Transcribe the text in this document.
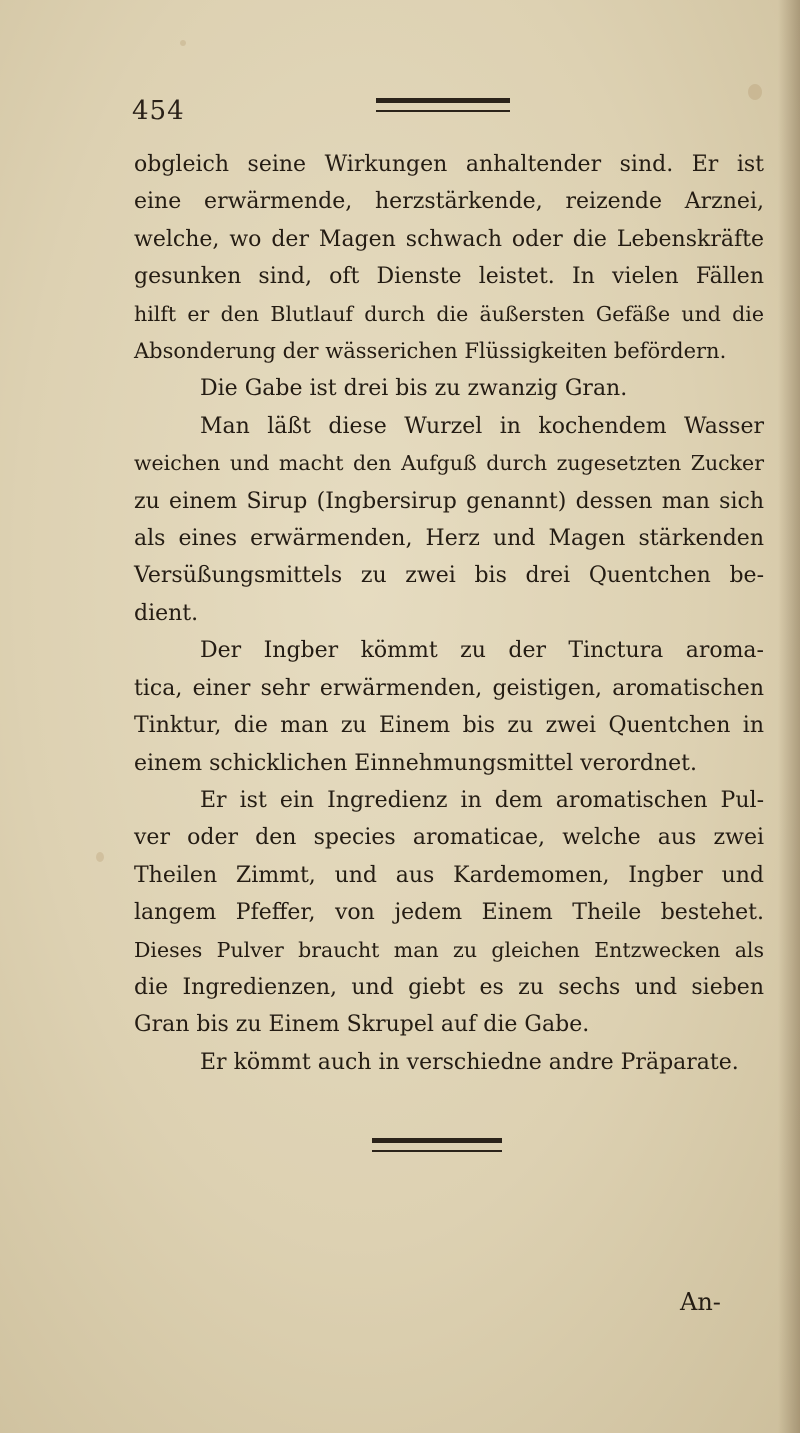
454
obgleich seine Wirkungen anhaltender sind. Er ist
eine erwärmende, herzstärkende, reizende Arznei,
welche, wo der Magen schwach oder die Lebenskräfte
gesunken sind, oft Dienste leistet. In vielen Fällen
hilft er den Blutlauf durch die äußersten Gefäße und die
Absonderung der wässerichen Flüssigkeiten befördern.
Die Gabe ist drei bis zu zwanzig Gran.
Man läßt diese Wurzel in kochendem Wasser
weichen und macht den Aufguß durch zugesetzten Zucker
zu einem Sirup (Ingbersirup genannt) dessen man sich
als eines erwärmenden, Herz und Magen stärkenden
Versüßungsmittels zu zwei bis drei Quentchen be-
dient.
Der Ingber kömmt zu der Tinctura aroma-
tica, einer sehr erwärmenden, geistigen, aromatischen
Tinktur, die man zu Einem bis zu zwei Quentchen in
einem schicklichen Einnehmungsmittel verordnet.
Er ist ein Ingredienz in dem aromatischen Pul-
ver oder den species aromaticae, welche aus zwei
Theilen Zimmt, und aus Kardemomen, Ingber und
langem Pfeffer, von jedem Einem Theile bestehet.
Dieses Pulver braucht man zu gleichen Entzwecken als
die Ingredienzen, und giebt es zu sechs und sieben
Gran bis zu Einem Skrupel auf die Gabe.
Er kömmt auch in verschiedne andre Präparate.
An-
